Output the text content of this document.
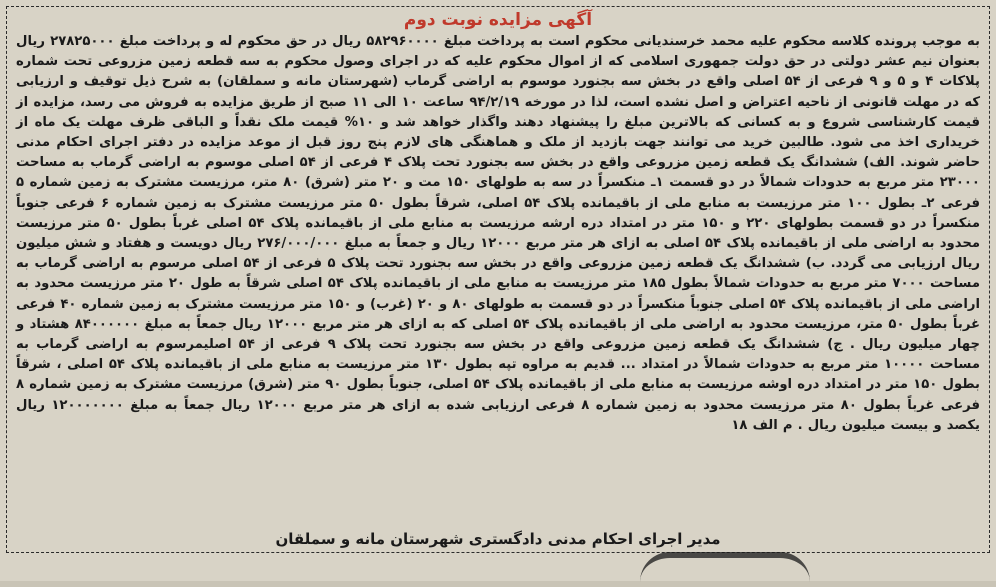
آگهی مزایده نوبت دوم
به موجب پرونده کلاسه محکوم علیه محمد خرسندیانی محکوم است به پرداخت مبلغ ۵۸۲۹۶۰۰۰۰ ریال در حق محکوم له و پرداخت مبلغ ۲۷۸۲۵۰۰۰ ریال بعنوان نیم عشر دولتی در حق دولت جمهوری اسلامی که از اموال محکوم علیه که در اجرای وصول محکوم به سه قطعه زمین مزروعی تحت شماره پلاکات ۴ و ۵ و ۹ فرعی از ۵۴ اصلی واقع در بخش سه بجنورد موسوم به اراضی گرماب (شهرستان مانه و سملقان) به شرح ذیل توقیف و ارزیابی که در مهلت قانونی از ناحیه اعتراض و اصل نشده است، لذا در مورخه ۹۴/۲/۱۹ ساعت ۱۰ الی ۱۱ صبح از طریق مزایده به فروش می رسد، مزایده از قیمت کارشناسی شروع و به کسانی که بالاترین مبلغ را پیشنهاد دهند واگذار خواهد شد و ۱۰% قیمت ملک نقداً و الباقی ظرف مهلت یک ماه از خریداری اخذ می شود. طالبین خرید می توانند جهت بازدید از ملک و هماهنگی های لازم پنج روز قبل از موعد مزایده در دفتر اجرای احکام مدنی حاضر شوند. الف) ششدانگ یک قطعه زمین مزروعی واقع در بخش سه بجنورد تحت پلاک ۴ فرعی از ۵۴ اصلی موسوم به اراضی گرماب به مساحت ۲۳۰۰۰ متر مربع به حدودات شمالاً در دو قسمت ۱ـ منکسراً در سه به طولهای ۱۵۰ مت و ۲۰ متر (شرق) ۸۰ متر، مرزیست مشترک به زمین شماره ۵ فرعی ۲ـ بطول ۱۰۰ متر مرزیست به منابع ملی از باقیمانده پلاک ۵۴ اصلی، شرقاً بطول ۵۰ متر مرزیست مشترک به زمین شماره ۶ فرعی جنوباً منکسراً در دو قسمت بطولهای ۲۲۰ و ۱۵۰ متر در امتداد دره ارشه مرزیست به منابع ملی از باقیمانده پلاک ۵۴ اصلی غرباً بطول ۵۰ متر مرزیست محدود به اراضی ملی از باقیمانده پلاک ۵۴ اصلی به ازای هر متر مربع ۱۲۰۰۰ ریال و جمعاً به مبلغ ۲۷۶/۰۰۰/۰۰۰ ریال دویست و هفتاد و شش میلیون ریال ارزیابی می گردد. ب) ششدانگ یک قطعه زمین مزروعی واقع در بخش سه بجنورد تحت پلاک ۵ فرعی از ۵۴ اصلی مرسوم به اراضی گرماب به مساحت ۷۰۰۰ متر مربع به حدودات شمالاً بطول ۱۸۵ متر مرزیست به منابع ملی از باقیمانده پلاک ۵۴ اصلی شرقاً به طول ۲۰ متر مرزیست محدود به اراضی ملی از باقیمانده پلاک ۵۴ اصلی جنوباً منکسراً در دو قسمت به طولهای ۸۰ و ۲۰ (غرب) و ۱۵۰ متر مرزیست مشترک به زمین شماره ۴۰ فرعی غرباً بطول ۵۰ متر، مرزیست محدود به اراضی ملی از باقیمانده پلاک ۵۴ اصلی که به ازای هر متر مربع ۱۲۰۰۰ ریال جمعاً به مبلغ ۸۴۰۰۰۰۰۰ هشتاد و چهار میلیون ریال . ج) ششدانگ یک قطعه زمین مزروعی واقع در بخش سه بجنورد تحت پلاک ۹ فرعی از ۵۴ اصلیمرسوم به اراضی گرماب به مساحت ۱۰۰۰۰ متر مربع به حدودات شمالاً در امتداد ... قدیم به مراوه تپه بطول ۱۳۰ متر مرزیست به منابع ملی از باقیمانده پلاک ۵۴ اصلی ، شرقاً بطول ۱۵۰ متر در امتداد دره اوشه مرزیست به منابع ملی از باقیمانده پلاک ۵۴ اصلی، جنوباً بطول ۹۰ متر (شرق) مرزیست مشترک به زمین شماره ۸ فرعی غرباً بطول ۸۰ متر مرزیست محدود به زمین شماره ۸ فرعی ارزیابی شده به ازای هر متر مربع ۱۲۰۰۰ ریال جمعاً به مبلغ ۱۲۰۰۰۰۰۰۰ ریال یکصد و بیست میلیون ریال . م الف ۱۸
مدیر اجرای احکام مدنی دادگستری شهرستان مانه و سملقان
